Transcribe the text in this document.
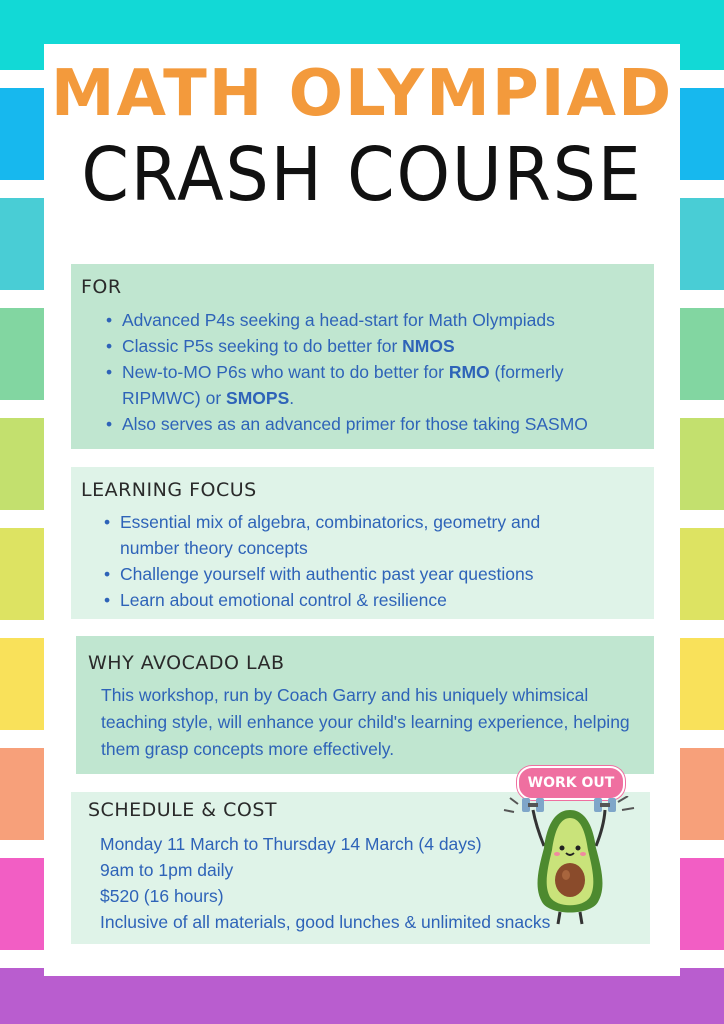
MATH OLYMPIAD
CRASH COURSE
FOR
• Advanced P4s seeking a head-start for Math Olympiads
• Classic P5s seeking to do better for NMOS
• New-to-MO P6s who want to do better for RMO (formerly RIPMWC) or SMOPS.
• Also serves as an advanced primer for those taking SASMO
LEARNING FOCUS
• Essential mix of algebra, combinatorics, geometry and number theory concepts
• Challenge yourself with authentic past year questions
• Learn about emotional control & resilience
WHY AVOCADO LAB
This workshop, run by Coach Garry and his uniquely whimsical teaching style, will enhance your child's learning experience, helping them grasp concepts more effectively.
SCHEDULE & COST
Monday 11 March to Thursday 14 March (4 days)
9am to 1pm daily
$520 (16 hours)
Inclusive of all materials, good lunches & unlimited snacks
WORK OUT
